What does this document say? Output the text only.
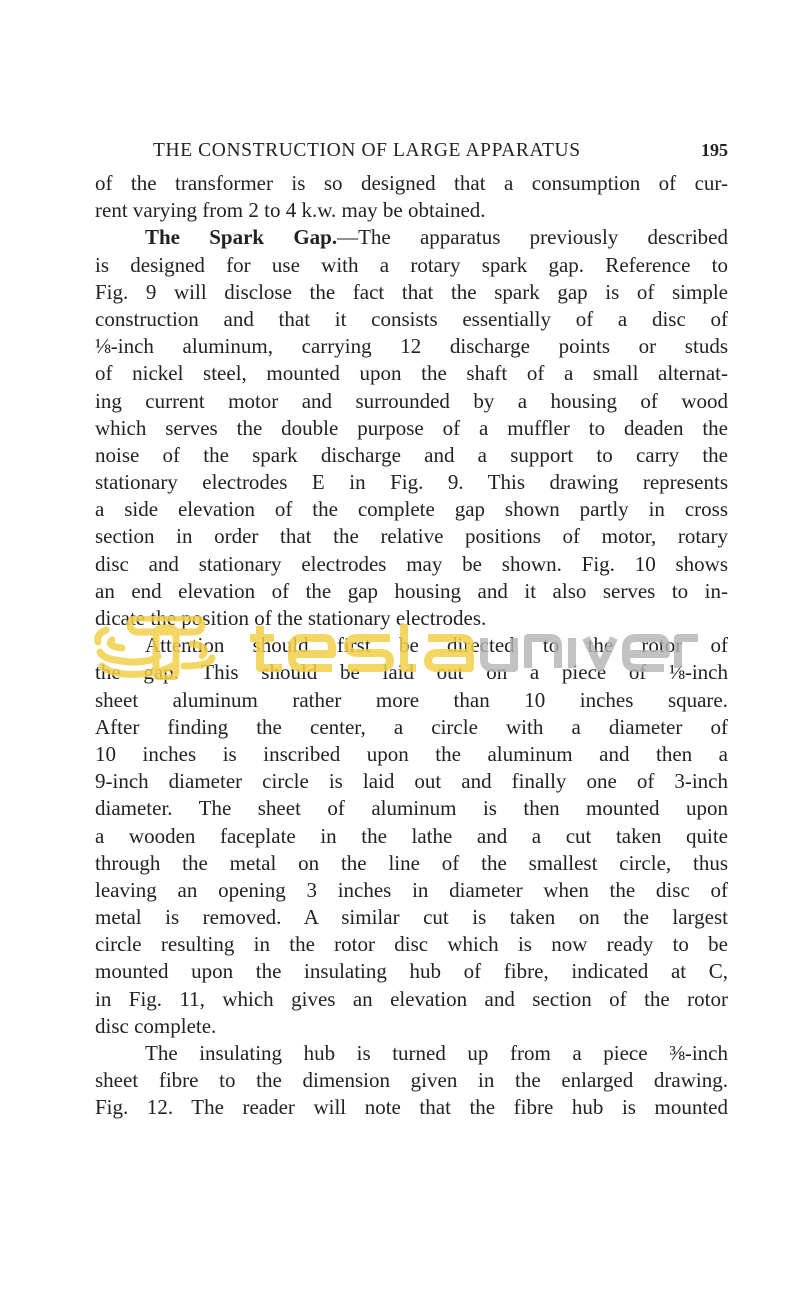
THE CONSTRUCTION OF LARGE APPARATUS	195
of the transformer is so designed that a consumption of cur-
rent varying from 2 to 4 k.w. may be obtained.
The Spark Gap.—The apparatus previously described
is designed for use with a rotary spark gap. Reference to
Fig. 9 will disclose the fact that the spark gap is of simple
construction and that it consists essentially of a disc of
⅛-inch aluminum, carrying 12 discharge points or studs
of nickel steel, mounted upon the shaft of a small alternat-
ing current motor and surrounded by a housing of wood
which serves the double purpose of a muffler to deaden the
noise of the spark discharge and a support to carry the
stationary electrodes E in Fig. 9. This drawing represents
a side elevation of the complete gap shown partly in cross
section in order that the relative positions of motor, rotary
disc and stationary electrodes may be shown. Fig. 10 shows
an end elevation of the gap housing and it also serves to in-
dicate the position of the stationary electrodes.
Attention should first be directed to the rotor of
the gap. This should be laid out on a piece of ⅛-inch
sheet aluminum rather more than 10 inches square.
After finding the center, a circle with a diameter of
10 inches is inscribed upon the aluminum and then a
9-inch diameter circle is laid out and finally one of 3-inch
diameter. The sheet of aluminum is then mounted upon
a wooden faceplate in the lathe and a cut taken quite
through the metal on the line of the smallest circle, thus
leaving an opening 3 inches in diameter when the disc of
metal is removed. A similar cut is taken on the largest
circle resulting in the rotor disc which is now ready to be
mounted upon the insulating hub of fibre, indicated at C,
in Fig. 11, which gives an elevation and section of the rotor
disc complete.
The insulating hub is turned up from a piece ⅜-inch
sheet fibre to the dimension given in the enlarged drawing.
Fig. 12. The reader will note that the fibre hub is mounted
